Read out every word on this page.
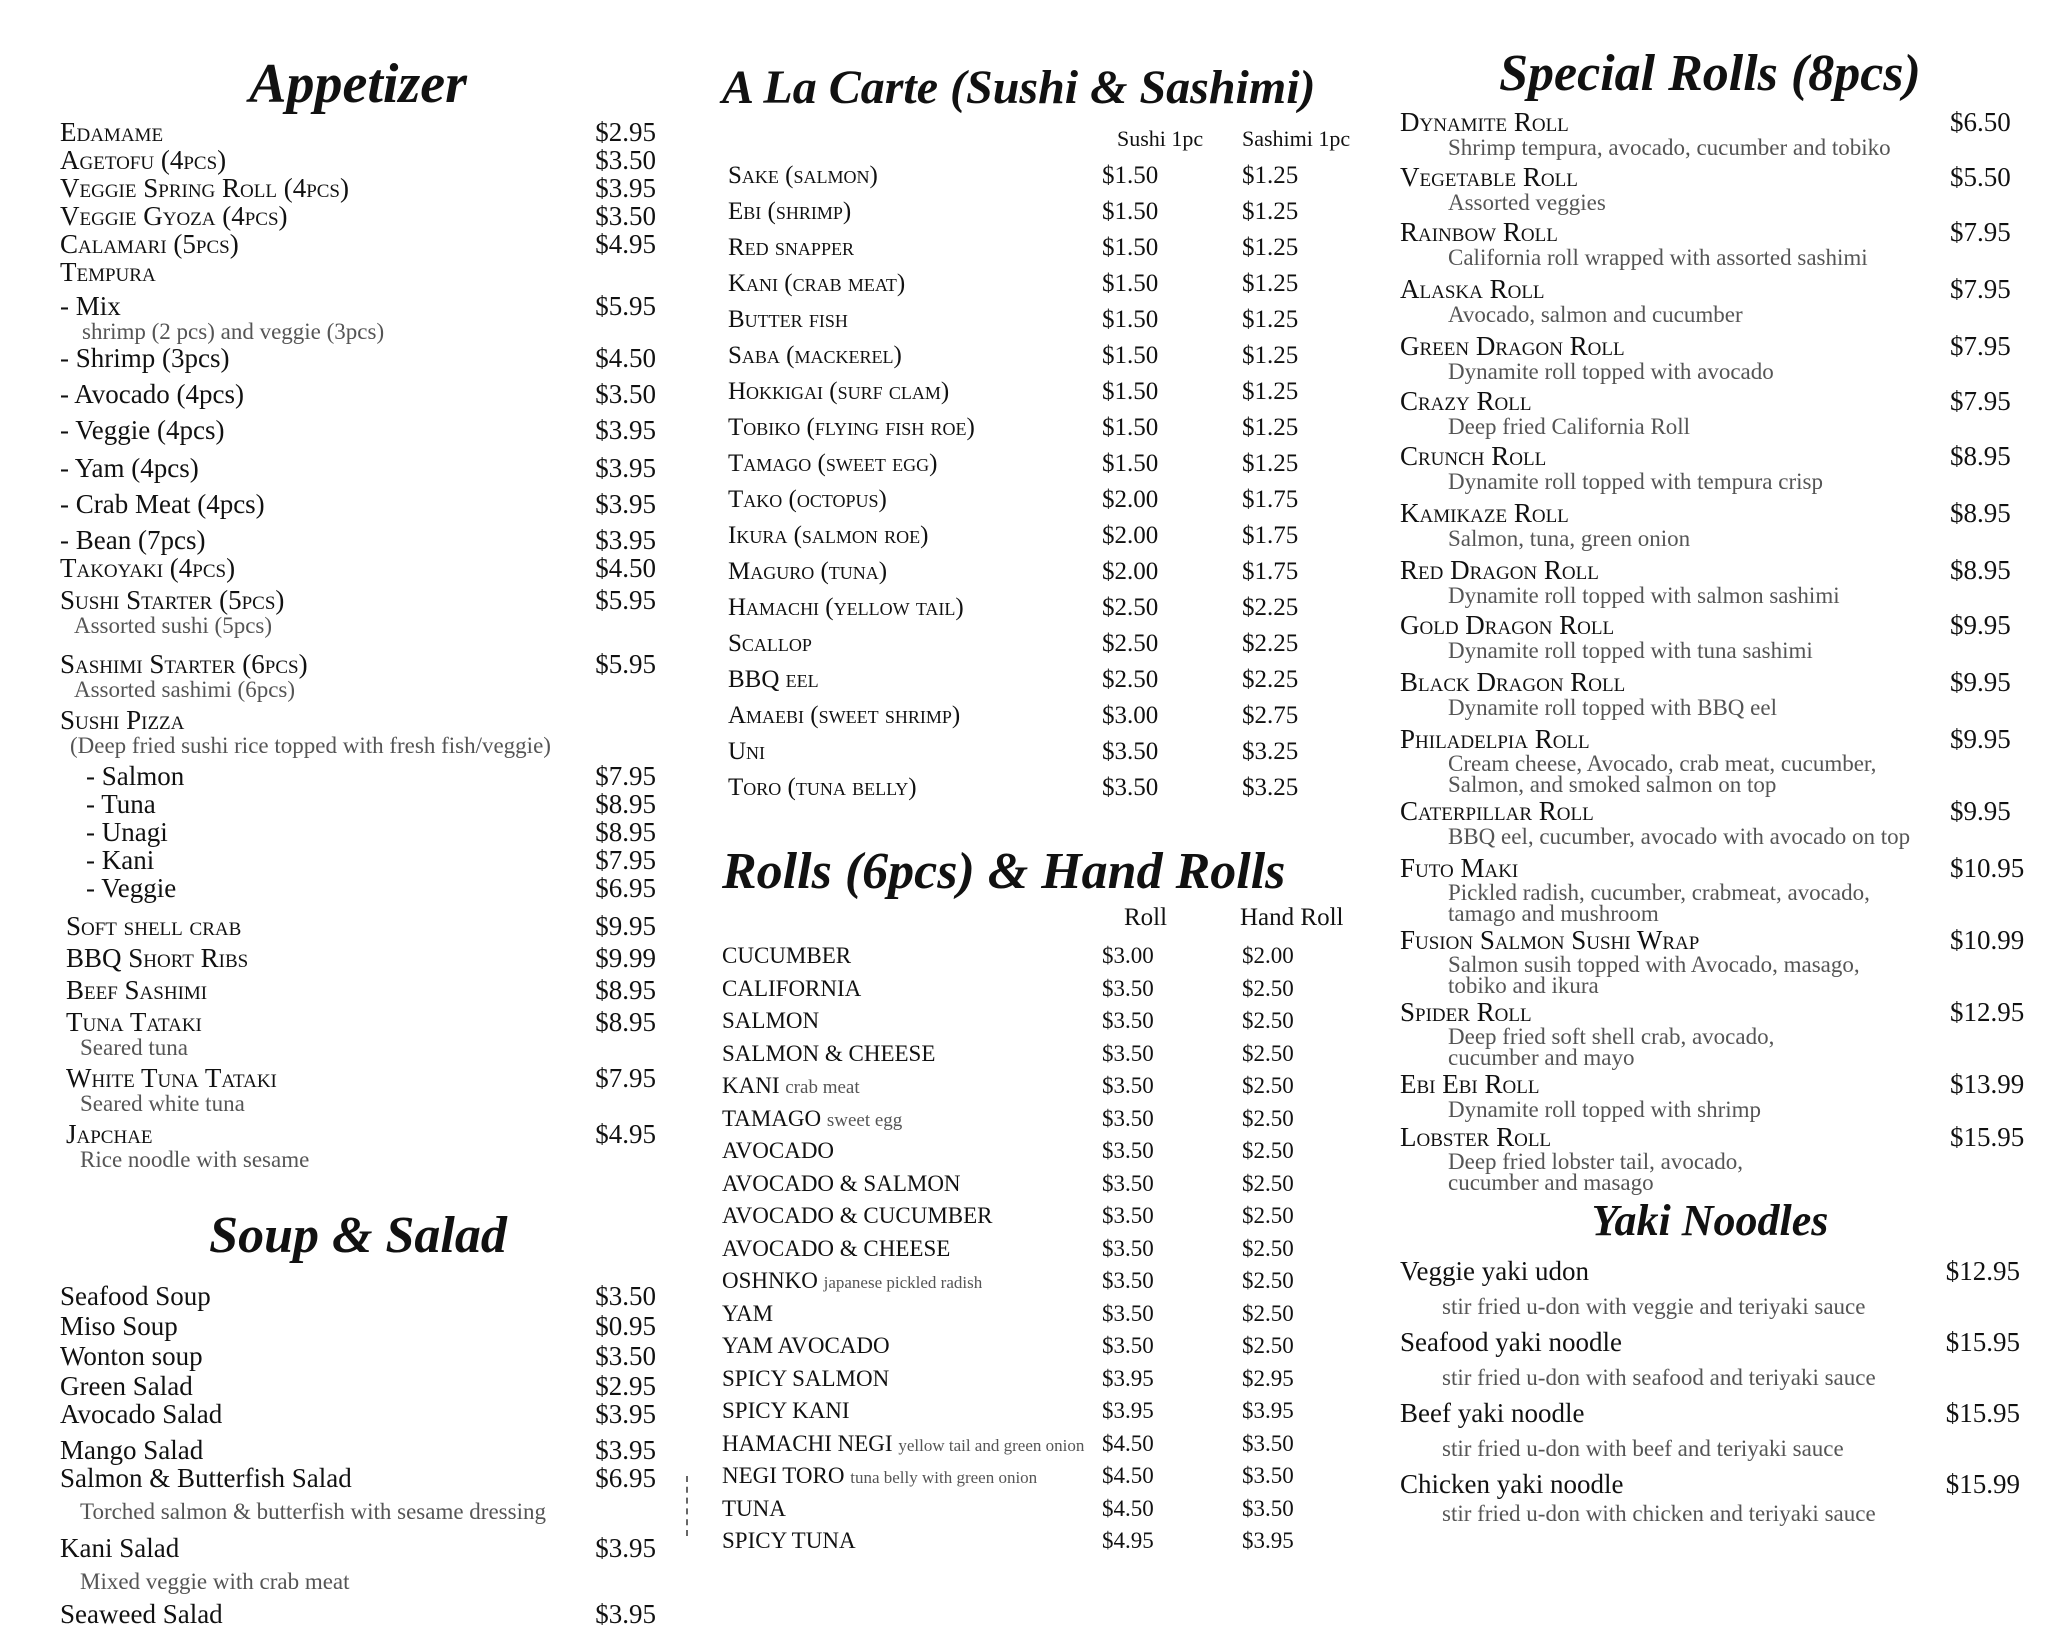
Appetizer
Edamame	$2.95
Agetofu (4pcs)	$3.50
Veggie Spring Roll (4pcs)	$3.95
Veggie Gyoza (4pcs)	$3.50
Calamari (5pcs)	$4.95
Tempura
- Mix	$5.95
shrimp (2 pcs) and veggie (3pcs)
- Shrimp (3pcs)	$4.50
- Avocado (4pcs)	$3.50
- Veggie (4pcs)	$3.95
- Yam (4pcs)	$3.95
- Crab Meat (4pcs)	$3.95
- Bean (7pcs)	$3.95
Takoyaki (4pcs)	$4.50
Sushi Starter (5pcs)	$5.95
Assorted sushi (5pcs)
Sashimi Starter (6pcs)	$5.95
Assorted sashimi (6pcs)
Sushi Pizza
(Deep fried sushi rice topped with fresh fish/veggie)
- Salmon	$7.95
- Tuna	$8.95
- Unagi	$8.95
- Kani	$7.95
- Veggie	$6.95
Soft shell crab	$9.95
BBQ Short Ribs	$9.99
Beef Sashimi	$8.95
Tuna Tataki	$8.95
Seared tuna
White Tuna Tataki	$7.95
Seared white tuna
Japchae	$4.95
Rice noodle with sesame
Soup & Salad
Seafood Soup	$3.50
Miso Soup	$0.95
Wonton soup	$3.50
Green Salad	$2.95
Avocado Salad	$3.95
Mango Salad	$3.95
Salmon & Butterfish Salad	$6.95
Torched salmon & butterfish with sesame dressing
Kani Salad	$3.95
Mixed veggie with crab meat
Seaweed Salad	$3.95
A La Carte (Sushi & Sashimi)
Sushi 1pc	Sashimi 1pc
Sake (salmon)	$1.50	$1.25
Ebi (shrimp)	$1.50	$1.25
Red snapper	$1.50	$1.25
Kani (crab meat)	$1.50	$1.25
Butter fish	$1.50	$1.25
Saba (mackerel)	$1.50	$1.25
Hokkigai (surf clam)	$1.50	$1.25
Tobiko (flying fish roe)	$1.50	$1.25
Tamago (sweet egg)	$1.50	$1.25
Tako (octopus)	$2.00	$1.75
Ikura (salmon roe)	$2.00	$1.75
Maguro (tuna)	$2.00	$1.75
Hamachi (yellow tail)	$2.50	$2.25
Scallop	$2.50	$2.25
BBQ eel	$2.50	$2.25
Amaebi (sweet shrimp)	$3.00	$2.75
Uni	$3.50	$3.25
Toro (tuna belly)	$3.50	$3.25
Rolls (6pcs) & Hand Rolls
Roll	Hand Roll
CUCUMBER	$3.00	$2.00
CALIFORNIA	$3.50	$2.50
SALMON	$3.50	$2.50
SALMON & CHEESE	$3.50	$2.50
KANI crab meat	$3.50	$2.50
TAMAGO sweet egg	$3.50	$2.50
AVOCADO	$3.50	$2.50
AVOCADO & SALMON	$3.50	$2.50
AVOCADO & CUCUMBER	$3.50	$2.50
AVOCADO & CHEESE	$3.50	$2.50
OSHNKO japanese pickled radish	$3.50	$2.50
YAM	$3.50	$2.50
YAM AVOCADO	$3.50	$2.50
SPICY SALMON	$3.95	$2.95
SPICY KANI	$3.95	$3.95
HAMACHI NEGI yellow tail and green onion $4.50	$3.50
NEGI TORO tuna belly with green onion	$4.50	$3.50
TUNA	$4.50	$3.50
SPICY TUNA	$4.95	$3.95
Special Rolls (8pcs)
Dynamite Roll	$6.50
Shrimp tempura, avocado, cucumber and tobiko
Vegetable Roll	$5.50
Assorted veggies
Rainbow Roll	$7.95
California roll wrapped with assorted sashimi
Alaska Roll	$7.95
Avocado, salmon and cucumber
Green Dragon Roll	$7.95
Dynamite roll topped with avocado
Crazy Roll	$7.95
Deep fried California Roll
Crunch Roll	$8.95
Dynamite roll topped with tempura crisp
Kamikaze Roll	$8.95
Salmon, tuna, green onion
Red Dragon Roll	$8.95
Dynamite roll topped with salmon sashimi
Gold Dragon Roll	$9.95
Dynamite roll topped with tuna sashimi
Black Dragon Roll	$9.95
Dynamite roll topped with BBQ eel
Philadelpia Roll	$9.95
Cream cheese, Avocado, crab meat, cucumber, Salmon, and smoked salmon on top
Caterpillar Roll	$9.95
BBQ eel, cucumber, avocado with avocado on top
Futo Maki	$10.95
Pickled radish, cucumber, crabmeat, avocado, tamago and mushroom
Fusion Salmon Sushi Wrap	$10.99
Salmon susih topped with Avocado, masago, tobiko and ikura
Spider Roll	$12.95
Deep fried soft shell crab, avocado, cucumber and mayo
Ebi Ebi Roll	$13.99
Dynamite roll topped with shrimp
Lobster Roll	$15.95
Deep fried lobster tail, avocado, cucumber and masago
Yaki Noodles
Veggie yaki udon	$12.95
stir fried u-don with veggie and teriyaki sauce
Seafood yaki noodle	$15.95
stir fried u-don with seafood and teriyaki sauce
Beef yaki noodle	$15.95
stir fried u-don with beef and teriyaki sauce
Chicken yaki noodle	$15.99
stir fried u-don with chicken and teriyaki sauce
